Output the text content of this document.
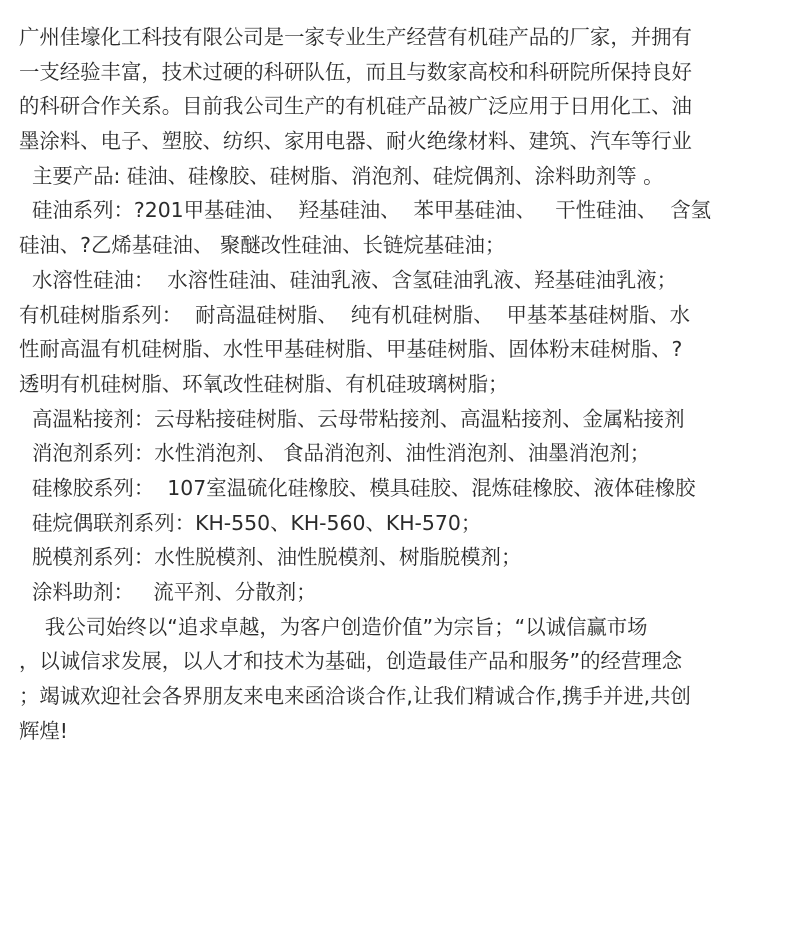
广州佳壕化工科技有限公司是一家专业生产经营有机硅产品的厂家，并拥有
一支经验丰富，技术过硬的科研队伍，而且与数家高校和科研院所保持良好
的科研合作关系。目前我公司生产的有机硅产品被广泛应用于日用化工、油
墨涂料、电子、塑胶、纺织、家用电器、耐火绝缘材料、建筑、汽车等行业
主要产品: 硅油、硅橡胶、硅树脂、消泡剂、硅烷偶剂、涂料助剂等 。
硅油系列：?201甲基硅油、  羟基硅油、  苯甲基硅油、   干性硅油、  含氢
硅油、?乙烯基硅油、 聚醚改性硅油、长链烷基硅油；
水溶性硅油：  水溶性硅油、硅油乳液、含氢硅油乳液、羟基硅油乳液；
有机硅树脂系列：  耐高温硅树脂、  纯有机硅树脂、  甲基苯基硅树脂、水
性耐高温有机硅树脂、水性甲基硅树脂、甲基硅树脂、固体粉末硅树脂、?
透明有机硅树脂、环氧改性硅树脂、有机硅玻璃树脂；
高温粘接剂：云母粘接硅树脂、云母带粘接剂、高温粘接剂、金属粘接剂
消泡剂系列：水性消泡剂、 食品消泡剂、油性消泡剂、油墨消泡剂；
硅橡胶系列：  107室温硫化硅橡胶、模具硅胶、混炼硅橡胶、液体硅橡胶
硅烷偶联剂系列：KH-550、KH-560、KH-570；
脱模剂系列：水性脱模剂、油性脱模剂、树脂脱模剂；
涂料助剂：   流平剂、分散剂；
我公司始终以“追求卓越，为客户创造价值”为宗旨；“以诚信赢市场
，以诚信求发展，以人才和技术为基础，创造最佳产品和服务”的经营理念
；竭诚欢迎社会各界朋友来电来函洽谈合作,让我们精诚合作,携手并进,共创
辉煌!
